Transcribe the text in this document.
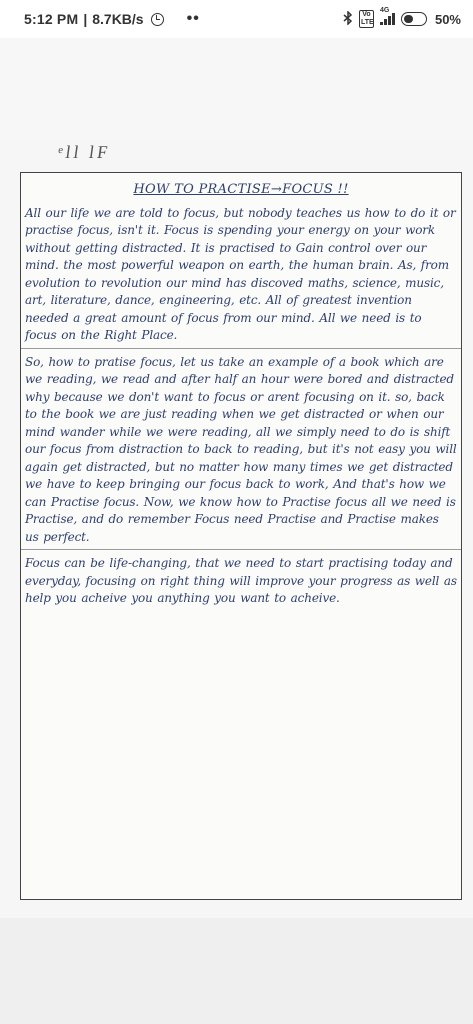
5:12 PM | 8.7KB/s	••	Vo LTE
4G
50%
ᵉll lF
HOW TO PRACTISE→FOCUS !!
All our life we are told to focus, but nobody teaches us how to do it or practise focus, isn't it. Focus is spending your energy on your work without getting distracted. It is practised to Gain control over our mind. the most powerful weapon on earth, the human brain. As, from evolution to revolution our mind has discoved maths, science, music, art, literature, dance, engineering, etc. All of greatest invention needed a great amount of focus from our mind. All we need is to focus on the Right Place.
So, how to pratise focus, let us take an example of a book which are we reading, we read and after half an hour were bored and distracted why because we don't want to focus or arent focusing on it. so, back to the book we are just reading when we get distracted or when our mind wander while we were reading, all we simply need to do is shift our focus from distraction to back to reading, but it's not easy you will again get distracted, but no matter how many times we get distracted we have to keep bringing our focus back to work, And that's how we can Practise focus. Now, we know how to Practise focus all we need is Practise, and do remember Focus need Practise and Practise makes us perfect.
Focus can be life-changing, that we need to start practising today and everyday, focusing on right thing will improve your progress as well as help you acheive you anything you want to acheive.
